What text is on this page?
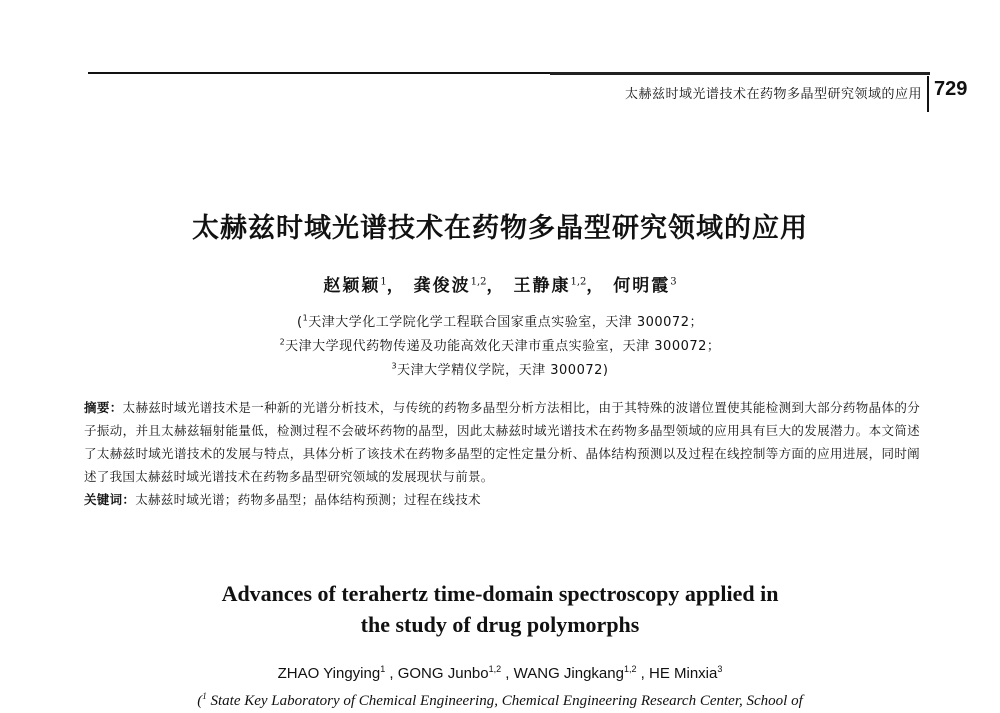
太赫兹时域光谱技术在药物多晶型研究领域的应用 729
太赫兹时域光谱技术在药物多晶型研究领域的应用
赵颖颖$^1$， 龚俊波$^{1,2}$， 王静康$^{1,2}$， 何明霞$^3$
($^1$天津大学化工学院化学工程联合国家重点实验室，天津 300072；
$^2$天津大学现代药物传递及功能高效化天津市重点实验室，天津 300072；
$^3$天津大学精仪学院，天津 300072)

摘要：太赫兹时域光谱技术是一种新的光谱分析技术，与传统的药物多晶型分析方法相比，由于其特殊的波谱位置使其能检测到大部分药物晶体的分子振动，并且太赫兹辐射能量低，检测过程不会破坏药物的晶型，因此太赫兹时域光谱技术在药物多晶型领域的应用具有巨大的发展潜力。本文简述了太赫兹时域光谱技术的发展与特点，具体分析了该技术在药物多晶型的定性定量分析、晶体结构预测以及过程在线控制等方面的应用进展，同时阐述了我国太赫兹时域光谱技术在药物多晶型研究领域的发展现状与前景。

关键词：太赫兹时域光谱；药物多晶型；晶体结构预测；过程在线技术

Advances of terahertz time-domain spectroscopy applied in
the study of drug polymorphs
ZHAO Yingying$^1$ , GONG Junbo$^{1,2}$ , WANG Jingkang$^{1,2}$ , HE Minxia$^3$
($^1$ State Key Laboratory of Chemical Engineering, Chemical Engineering Research Center, School of
